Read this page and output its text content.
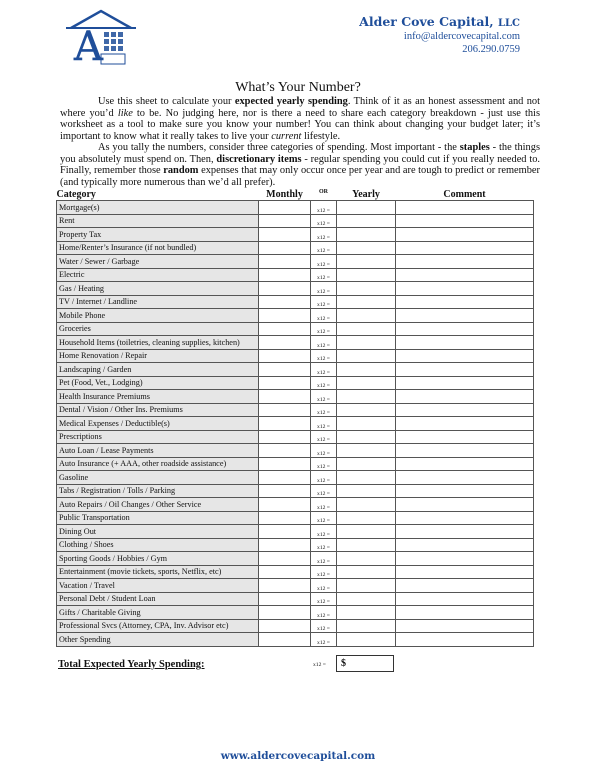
A
Alder Cove Capital, LLC
info@aldercovecapital.com
206.290.0759
What’s Your Number?

Use this sheet to calculate your expected yearly spending. Think of it as an honest assessment and not where you’d like to be. No judging here, nor is there a need to share each category breakdown - just use this worksheet as a tool to make sure you know your number! You can think about changing your budget later; it’s important to know what it really takes to live your current lifestyle.

As you tally the numbers, consider three categories of spending. Most important - the staples - the things you absolutely must spend on. Then, discretionary items - regular spending you could cut if you really needed to. Finally, remember those random expenses that may only occur once per year and are tough to predict or remember (and typically more numerous than we’d all prefer).

Category	Monthly	OR	Yearly	Comment
Mortgage(s)		x12 =		
Rent		x12 =		
Property Tax		x12 =		
Home/Renter’s Insurance (if not bundled)		x12 =		
Water / Sewer / Garbage		x12 =		
Electric		x12 =		
Gas / Heating		x12 =		
TV / Internet / Landline		x12 =		
Mobile Phone		x12 =		
Groceries		x12 =		
Household Items (toiletries, cleaning supplies, kitchen)		x12 =		
Home Renovation / Repair		x12 =		
Landscaping / Garden		x12 =		
Pet (Food, Vet., Lodging)		x12 =		
Health Insurance Premiums		x12 =		
Dental / Vision / Other Ins. Premiums		x12 =		
Medical Expenses / Deductible(s)		x12 =		
Prescriptions		x12 =		
Auto Loan / Lease Payments		x12 =		
Auto Insurance (+ AAA, other roadside assistance)		x12 =		
Gasoline		x12 =		
Tabs / Registration / Tolls / Parking		x12 =		
Auto Repairs / Oil Changes / Other Service		x12 =		
Public Transportation		x12 =		
Dining Out		x12 =		
Clothing / Shoes		x12 =		
Sporting Goods / Hobbies / Gym		x12 =		
Entertainment (movie tickets, sports, Netflix, etc)		x12 =		
Vacation / Travel		x12 =		
Personal Debt / Student Loan		x12 =		
Gifts / Charitable Giving		x12 =		
Professional Svcs (Attorney, CPA, Inv. Advisor etc)		x12 =		
Other Spending		x12 =		
Total Expected Yearly Spending:	x12 =	$
www.aldercovecapital.com
